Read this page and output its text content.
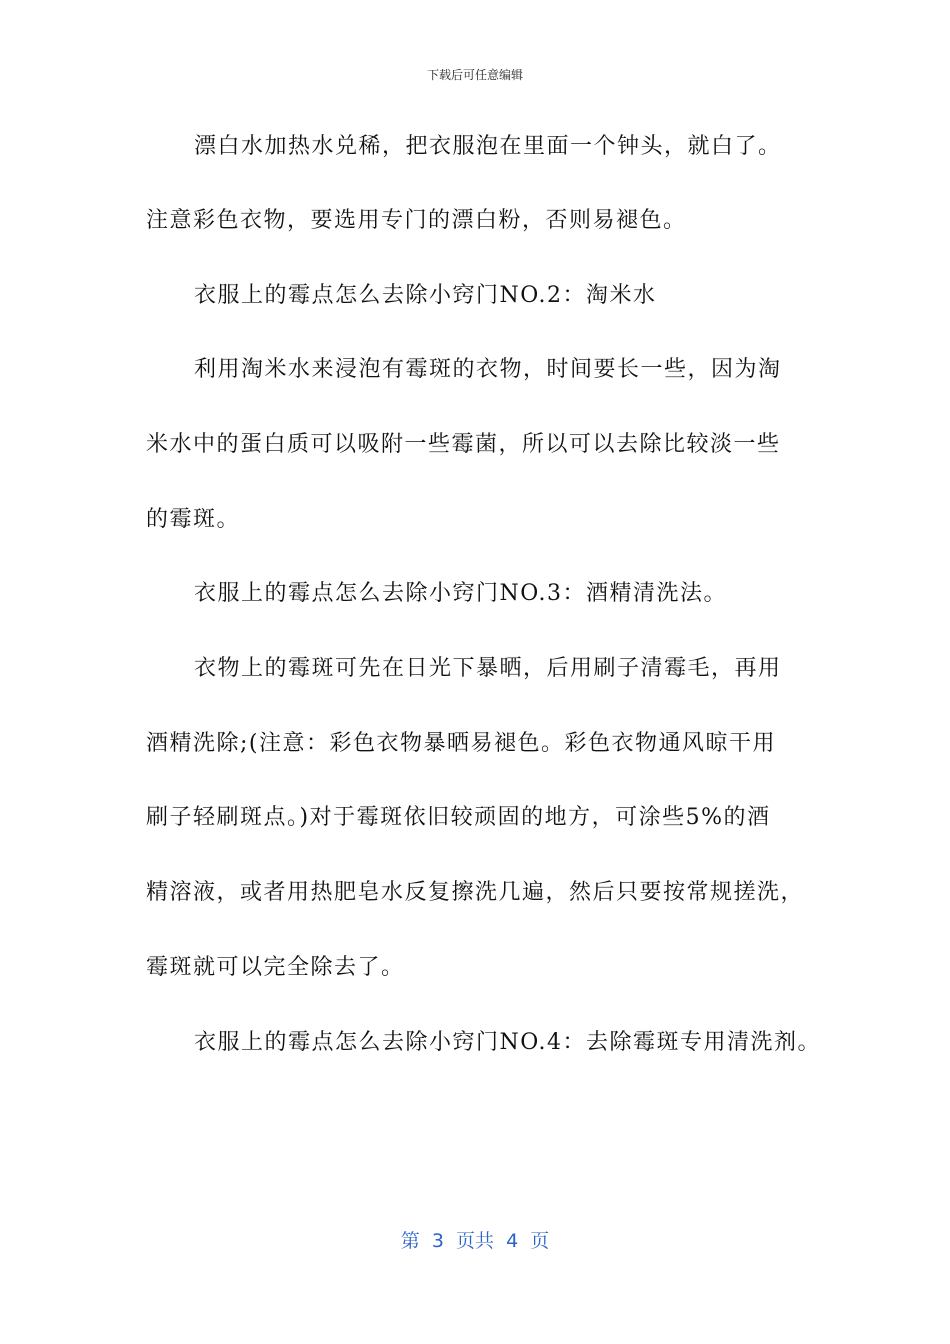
下载后可任意编辑
漂白水加热水兑稀，把衣服泡在里面一个钟头，就白了。
注意彩色衣物，要选用专门的漂白粉，否则易褪色。
衣服上的霉点怎么去除小窍门NO.2：淘米水
利用淘米水来浸泡有霉斑的衣物，时间要长一些，因为淘
米水中的蛋白质可以吸附一些霉菌，所以可以去除比较淡一些
的霉斑。
衣服上的霉点怎么去除小窍门NO.3：酒精清洗法。
衣物上的霉斑可先在日光下暴晒，后用刷子清霉毛，再用
酒精洗除;(注意：彩色衣物暴晒易褪色。彩色衣物通风晾干用
刷子轻刷斑点。)对于霉斑依旧较顽固的地方，可涂些5%的酒
精溶液，或者用热肥皂水反复擦洗几遍，然后只要按常规搓洗，
霉斑就可以完全除去了。
衣服上的霉点怎么去除小窍门NO.4：去除霉斑专用清洗剂。
第  3  页共  4  页
